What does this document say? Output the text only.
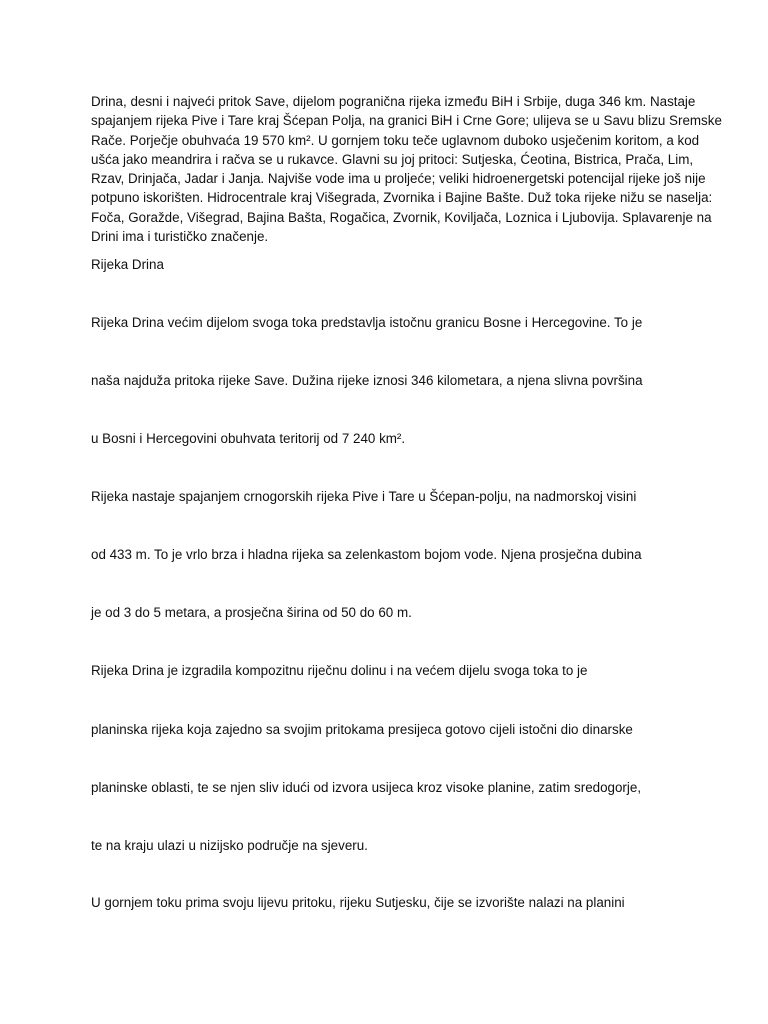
Drina, desni i najveći pritok Save, dijelom pogranična rijeka između BiH i Srbije, duga 346 km. Nastaje
spajanjem rijeka Pive i Tare kraj Šćepan Polja, na granici BiH i Crne Gore; ulijeva se u Savu blizu Sremske
Rače. Porječje obuhvaća 19 570 km². U gornjem toku teče uglavnom duboko usječenim koritom, a kod
ušća jako meandrira i račva se u rukavce. Glavni su joj pritoci: Sutjeska, Ćeotina, Bistrica, Prača, Lim,
Rzav, Drinjača, Jadar i Janja. Najviše vode ima u proljeće; veliki hidroenergetski potencijal rijeke još nije
potpuno iskorišten. Hidrocentrale kraj Višegrada, Zvornika i Bajine Bašte. Duž toka rijeke nižu se naselja:
Foča, Goražde, Višegrad, Bajina Bašta, Rogačica, Zvornik, Koviljača, Loznica i Ljubovija. Splavarenje na
Drini ima i turističko značenje.

Rijeka Drina

Rijeka Drina većim dijelom svoga toka predstavlja istočnu granicu Bosne i Hercegovine. To je

naša najduža pritoka rijeke Save. Dužina rijeke iznosi 346 kilometara, a njena slivna površina

u Bosni i Hercegovini obuhvata teritorij od 7 240 km².

Rijeka nastaje spajanjem crnogorskih rijeka Pive i Tare u Šćepan-polju, na nadmorskoj visini

od 433 m. To je vrlo brza i hladna rijeka sa zelenkastom bojom vode. Njena prosječna dubina

je od 3 do 5 metara, a prosječna širina od 50 do 60 m.

Rijeka Drina je izgradila kompozitnu riječnu dolinu i na većem dijelu svoga toka to je

planinska rijeka koja zajedno sa svojim pritokama presijeca gotovo cijeli istočni dio dinarske

planinske oblasti, te se njen sliv idući od izvora usijeca kroz visoke planine, zatim sredogorje,

te na kraju ulazi u nizijsko područje na sjeveru.

U gornjem toku prima svoju lijevu pritoku, rijeku Sutjesku, čije se izvorište nalazi na planini
